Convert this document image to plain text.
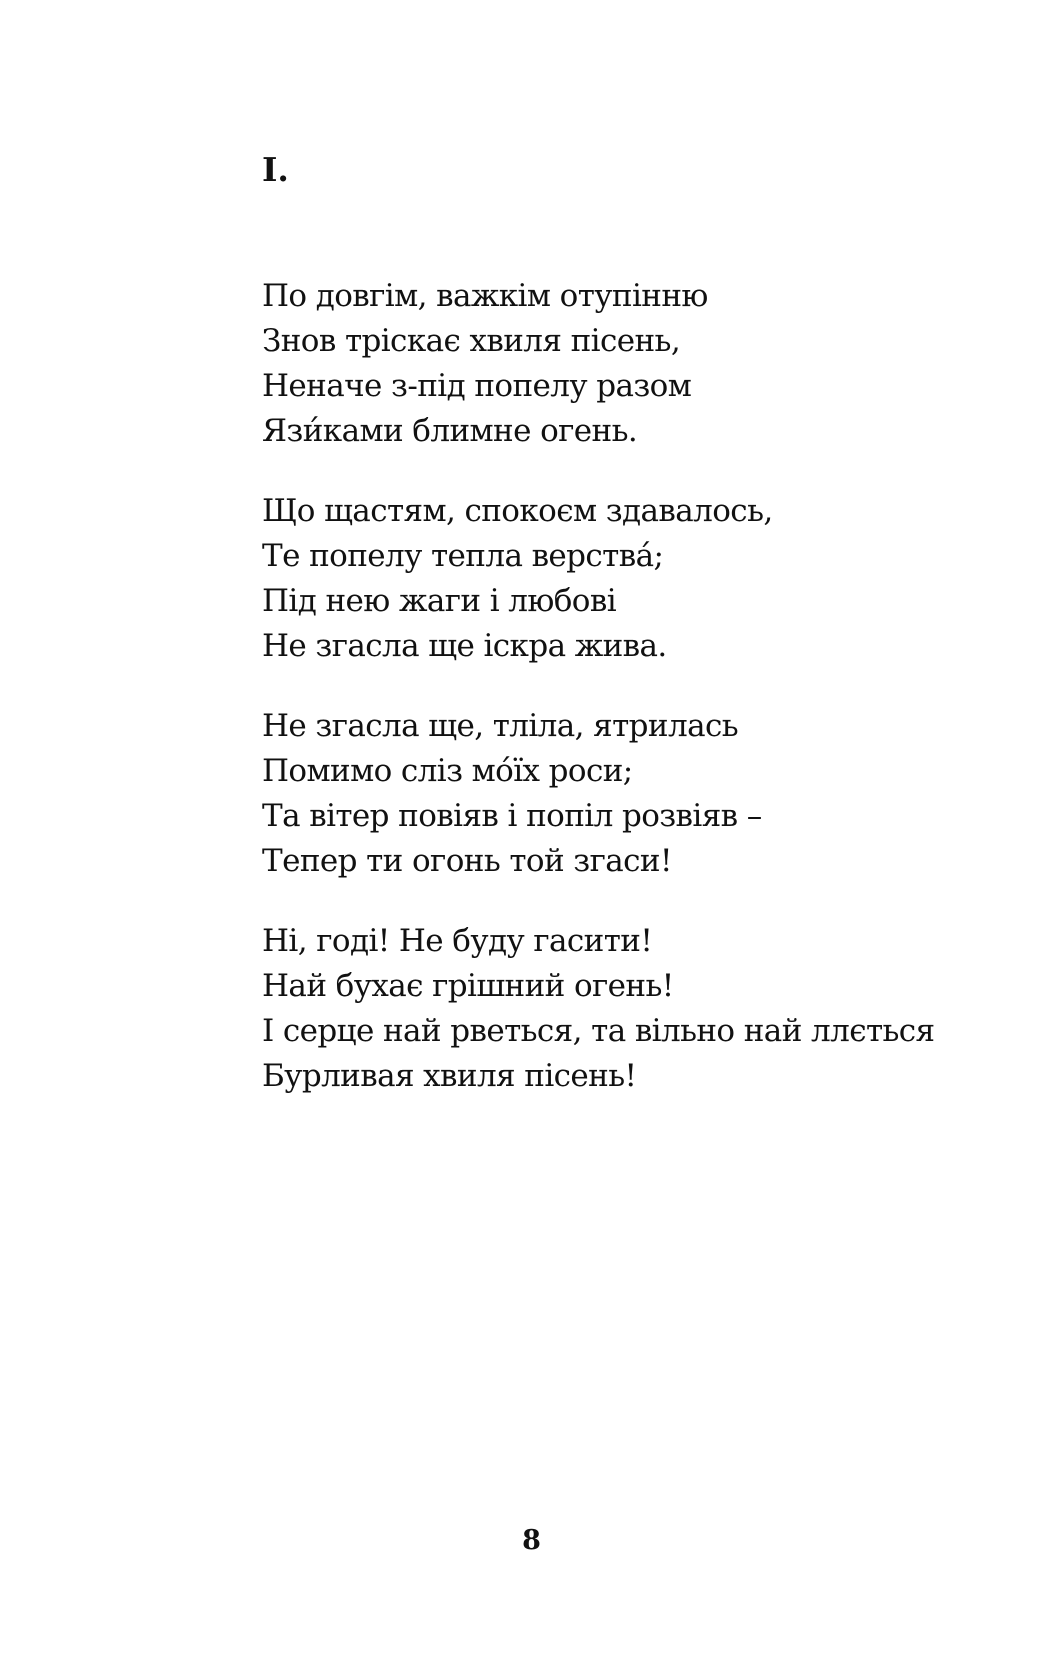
I.
По довгім, важкім отупінню
Знов тріскає хвиля пісень,
Неначе з-під попелу разом
Язи́ками блимне огень.
Що щастям, спокоєм здавалось,
Те попелу тепла верства́;
Під нею жаги і любові
Не згасла ще іскра жива.
Не згасла ще, тліла, ятрилась
Помимо сліз мо́їх роси;
Та вітер повіяв і попіл розвіяв –
Тепер ти огонь той згаси!
Ні, годі! Не буду гасити!
Най бухає грішний огень!
І серце най рветься, та вільно най ллється
Бурливая хвиля пісень!
8
